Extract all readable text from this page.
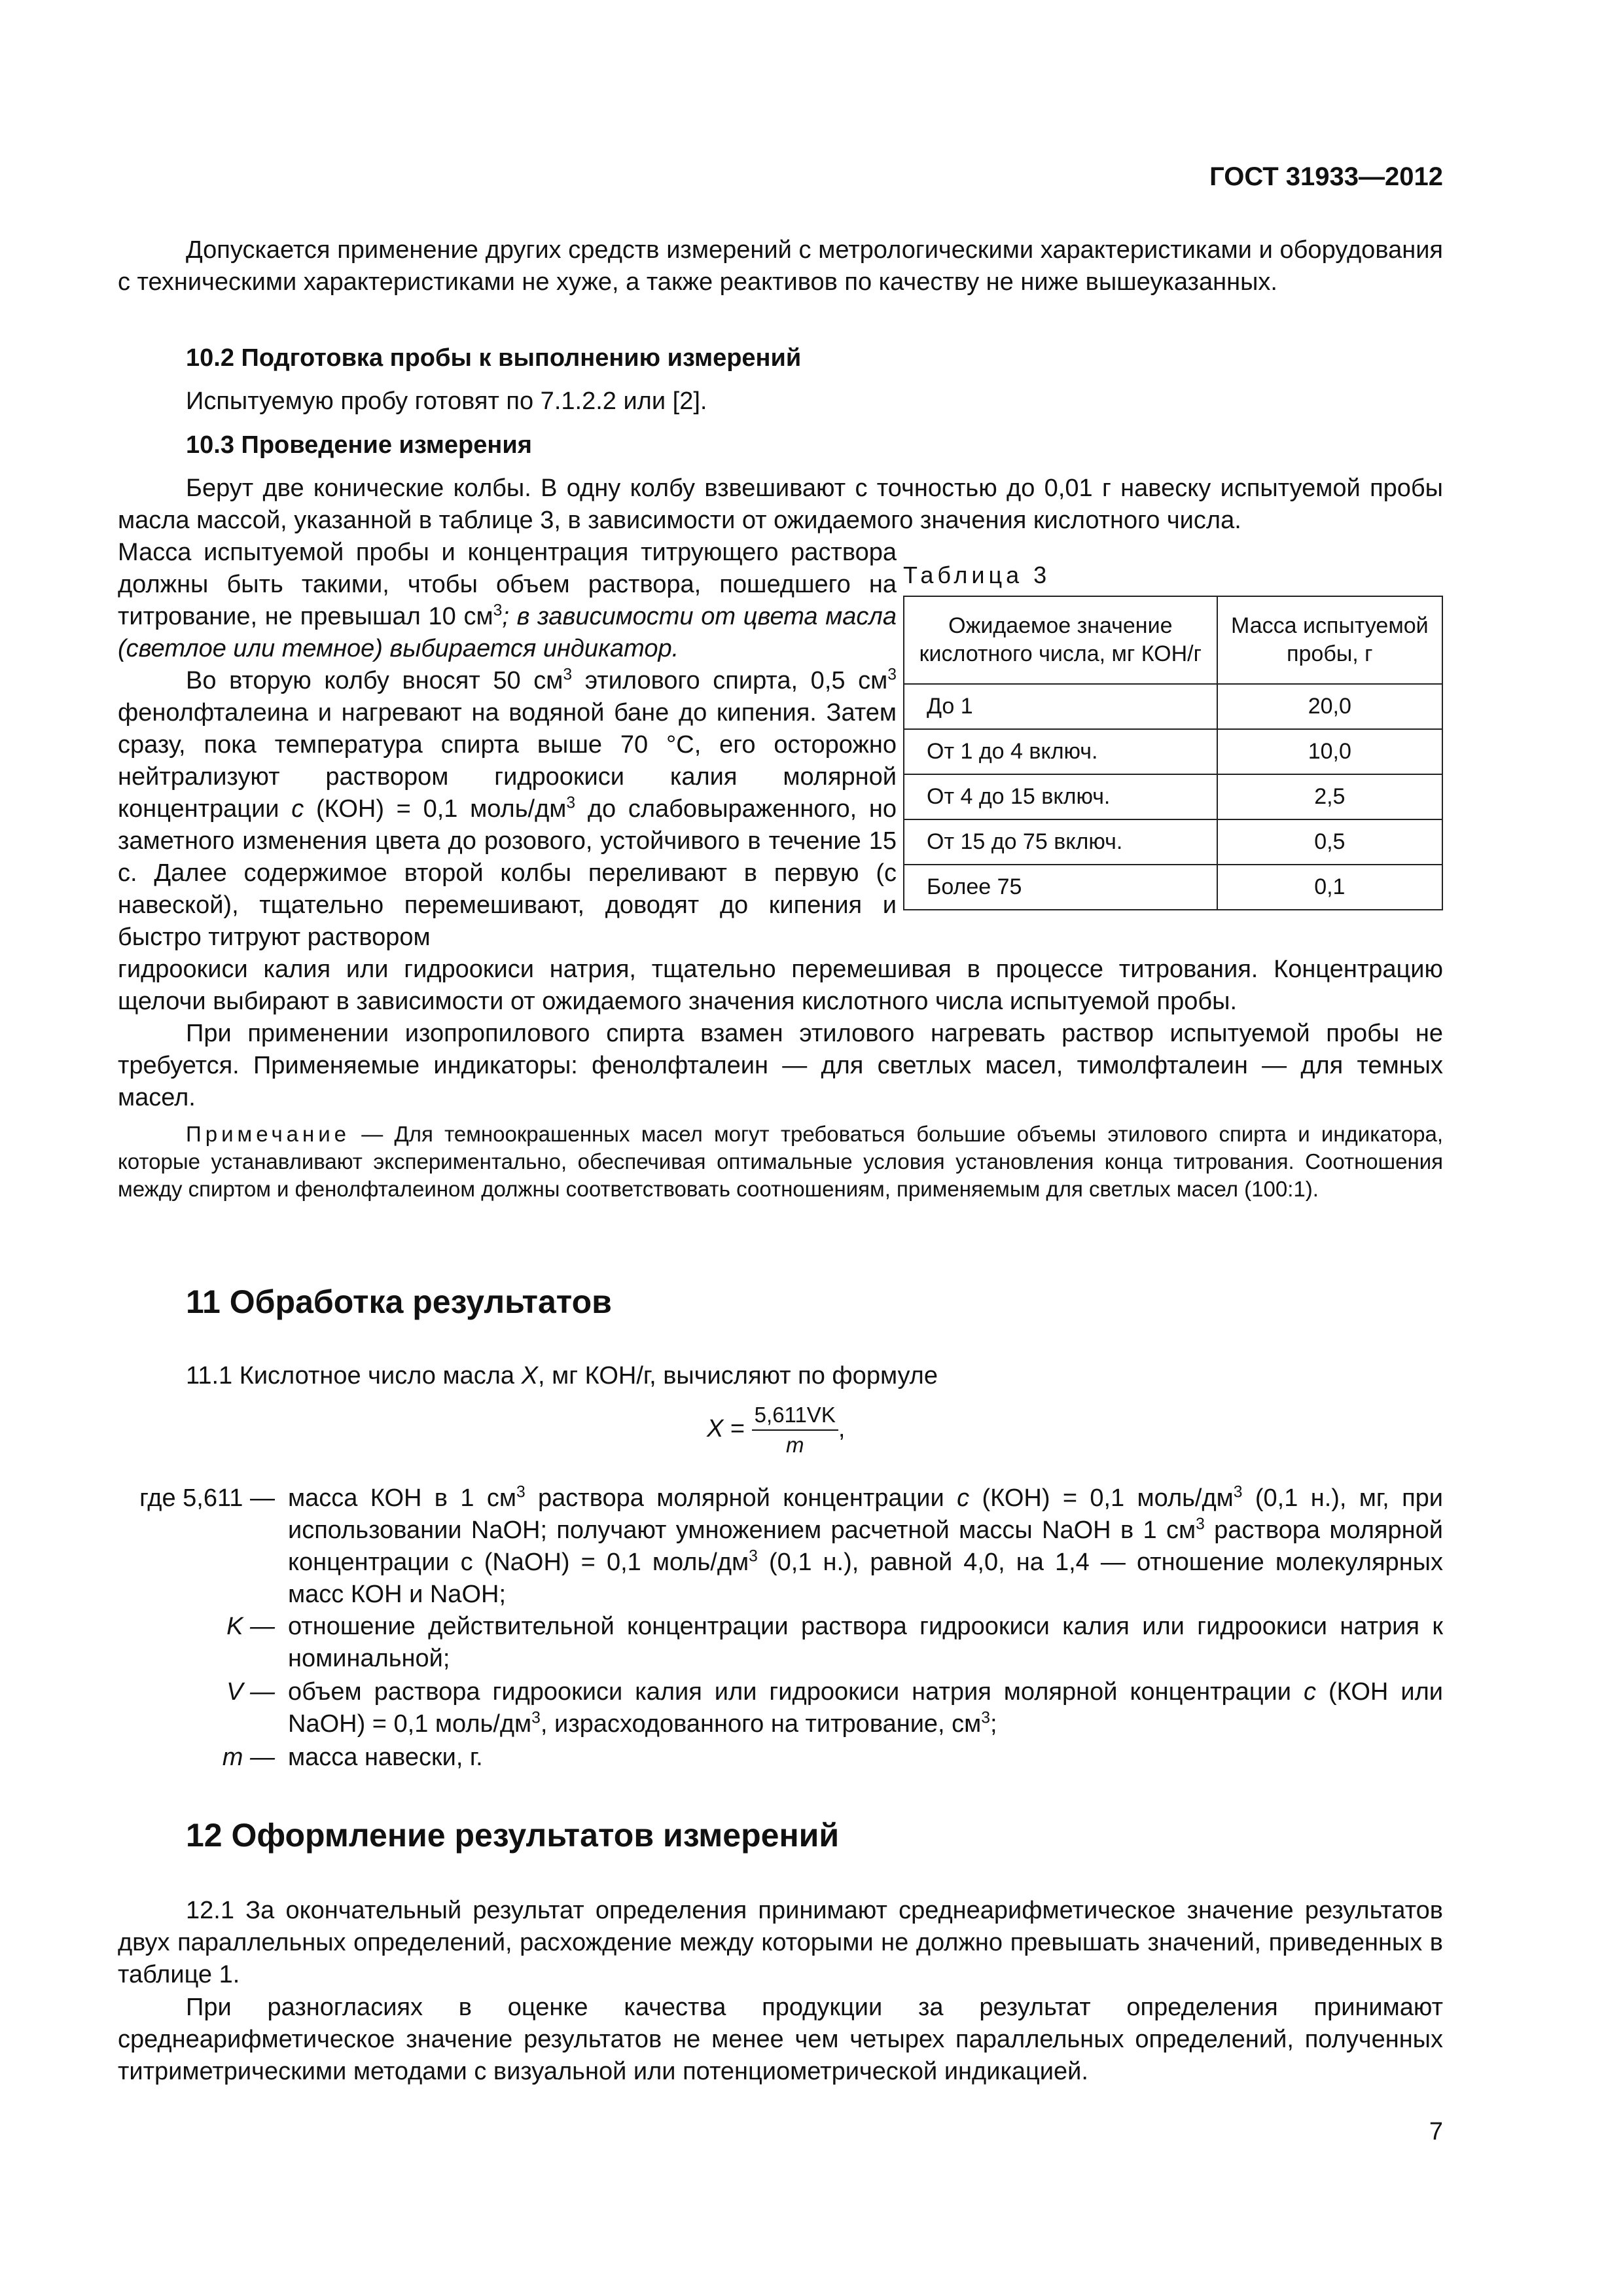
ГОСТ 31933—2012
Допускается применение других средств измерений с метрологическими характеристиками и оборудования с техническими характеристиками не хуже, а также реактивов по качеству не ниже вышеуказанных.
10.2 Подготовка пробы к выполнению измерений
Испытуемую пробу готовят по 7.1.2.2 или [2].
10.3 Проведение измерения
Берут две конические колбы. В одну колбу взвешивают с точностью до 0,01 г навеску испытуемой пробы масла массой, указанной в таблице 3, в зависимости от ожидаемого значения кислотного числа.
Масса испытуемой пробы и концентрация титрующего раствора должны быть такими, чтобы объем раствора, пошедшего на титрование, не превышал 10 $см^3$; в зависимости от цвета масла (светлое или темное) выбирается индикатор.
Во вторую колбу вносят 50 $см^3$ этилового спирта, 0,5 $см^3$ фенолфталеина и нагревают на водяной бане до кипения. Затем сразу, пока температура спирта выше 70 °С, его осторожно нейтрализуют раствором гидроокиси калия молярной концентрации c (КОН) = 0,1 моль/$дм^3$ до слабовыраженного, но заметного изменения цвета до розового, устойчивого в течение 15 с. Далее содержимое второй колбы переливают в первую (с навеской), тщательно перемешивают, доводят до кипения и быстро титруют раствором
гидроокиси калия или гидроокиси натрия, тщательно перемешивая в процессе титрования. Концентрацию щелочи выбирают в зависимости от ожидаемого значения кислотного числа испытуемой пробы.
При применении изопропилового спирта взамен этилового нагревать раствор испытуемой пробы не требуется. Применяемые индикаторы: фенолфталеин — для светлых масел, тимолфталеин — для темных масел.
Примечание — Для темноокрашенных масел могут требоваться большие объемы этилового спирта и индикатора, которые устанавливают экспериментально, обеспечивая оптимальные условия установления конца титрования. Соотношения между спиртом и фенолфталеином должны соответствовать соотношениям, применяемым для светлых масел (100:1).
Таблица 3
Ожидаемое значение кислотного числа, мг КОН/г	Масса испытуемой пробы, г
До 1	20,0
От 1 до 4 включ.	10,0
От 4 до 15 включ.	2,5
От 15 до 75 включ.	0,5
Более 75	0,1
11 Обработка результатов
11.1 Кислотное число масла X, мг КОН/г, вычисляют по формуле
$X = \frac{5,611VK}{m}$ ,
где 5,611 — масса КОН в 1 $см^3$ раствора молярной концентрации c (КОН) = 0,1 моль/$дм^3$ (0,1 н.), мг, при использовании NaOH; получают умножением расчетной массы NaOH в 1 $см^3$ раствора молярной концентрации c (NaOH) = 0,1 моль/$дм^3$ (0,1 н.), равной 4,0, на 1,4 — отношение молекулярных масс КОН и NaOH;
K — отношение действительной концентрации раствора гидроокиси калия или гидроокиси натрия к номинальной;
V — объем раствора гидроокиси калия или гидроокиси натрия молярной концентрации c (КОН или NaOH) = 0,1 моль/$дм^3$, израсходованного на титрование, $см^3$;
m — масса навески, г.
12 Оформление результатов измерений
12.1 За окончательный результат определения принимают среднеарифметическое значение результатов двух параллельных определений, расхождение между которыми не должно превышать значений, приведенных в таблице 1.
При разногласиях в оценке качества продукции за результат определения принимают среднеарифметическое значение результатов не менее чем четырех параллельных определений, полученных титриметрическими методами с визуальной или потенциометрической индикацией.
7
